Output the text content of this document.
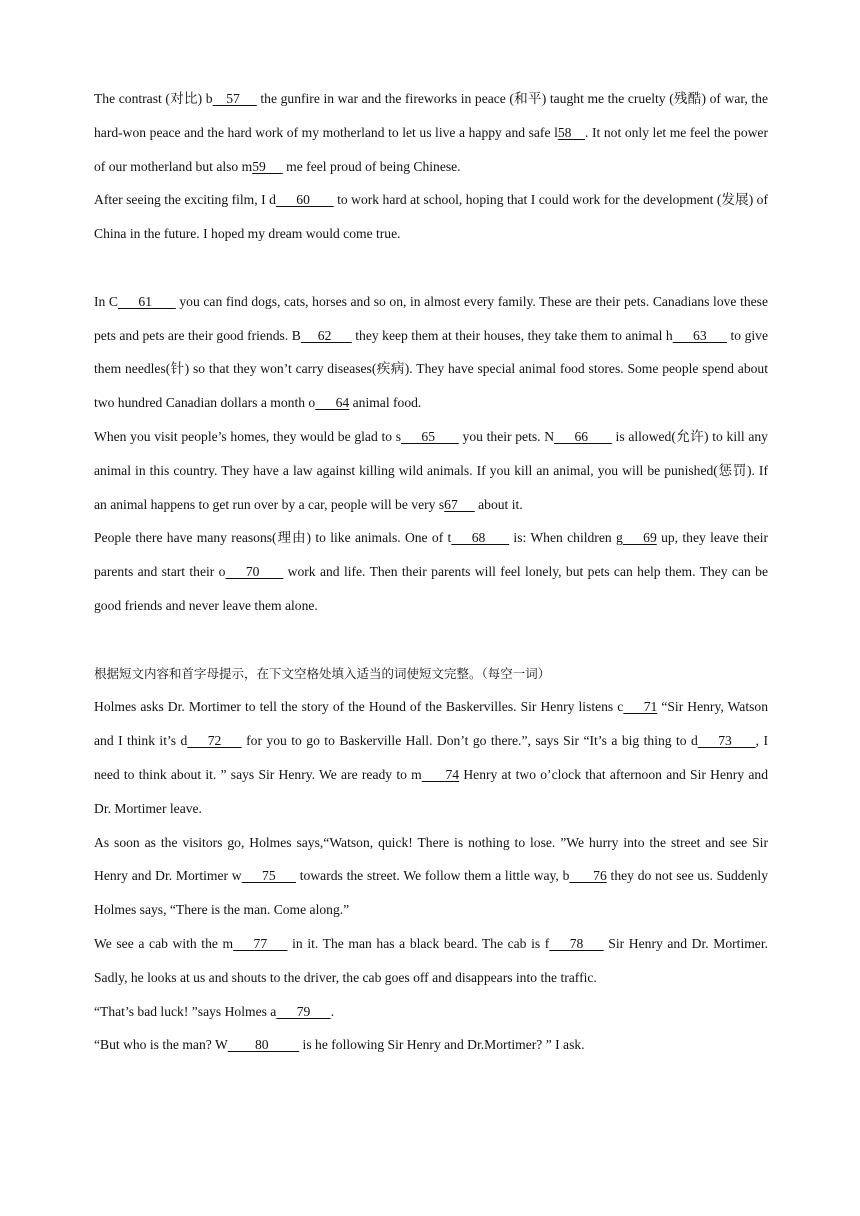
The contrast (对比) b    57      the gunfire in war and the fireworks in peace (和平) taught me the cruelty (残酷) of war, the hard-won peace and the hard work of my motherland to let us live a happy and safe l58    . It not only let me feel the power of our motherland but also m59      me feel proud of being Chinese.

After seeing the exciting film, I d      60        to work hard at school, hoping that I could work for the development (发展) of China in the future. I hoped my dream would come true.

In C      61        you can find dogs, cats, horses and so on, in almost every family. These are their pets. Canadians love these pets and pets are their good friends. B     62       they keep them at their houses, they take them to animal h      63       to give them needles(针) so that they won’t carry diseases(疾病). They have special animal food stores. Some people spend about two hundred Canadian dollars a month o      64 animal food.

When you visit people’s homes, they would be glad to s      65        you their pets. N      66        is allowed(允许) to kill any animal in this country. They have a law against killing wild animals. If you kill an animal, you will be punished(惩罚). If an animal happens to get run over by a car, people will be very s67      about it.

People there have many reasons(理由) to like animals. One of t      68        is: When children g      69 up, they leave their parents and start their o      70        work and life. Then their parents will feel lonely, but pets can help them. They can be good friends and never leave them alone.

根据短文内容和首字母提示，在下文空格处填入适当的词使短文完整。（每空一词）

Holmes asks Dr. Mortimer to tell the story of the Hound of the Baskervilles. Sir Henry listens c      71 “Sir Henry, Watson and I think it’s d      72       for you to go to Baskerville Hall. Don’t go there.”, says Sir “It’s a big thing to d      73       , I need to think about it. ” says Sir Henry. We are ready to m       74 Henry at two o’clock that afternoon and Sir Henry and Dr. Mortimer leave.

As soon as the visitors go, Holmes says,“Watson, quick! There is nothing to lose. ”We hurry into the street and see Sir Henry and Dr. Mortimer w      75       towards the street. We follow them a little way, b       76 they do not see us. Suddenly Holmes says, “There is the man. Come along.”

We see a cab with the m      77       in it. The man has a black beard. The cab is f      78       Sir Henry and Dr. Mortimer. Sadly, he looks at us and shouts to the driver, the cab goes off and disappears into the traffic.

“That’s bad luck! ”says Holmes a      79      .

“But who is the man? W        80          is he following Sir Henry and Dr.Mortimer? ” I ask.
